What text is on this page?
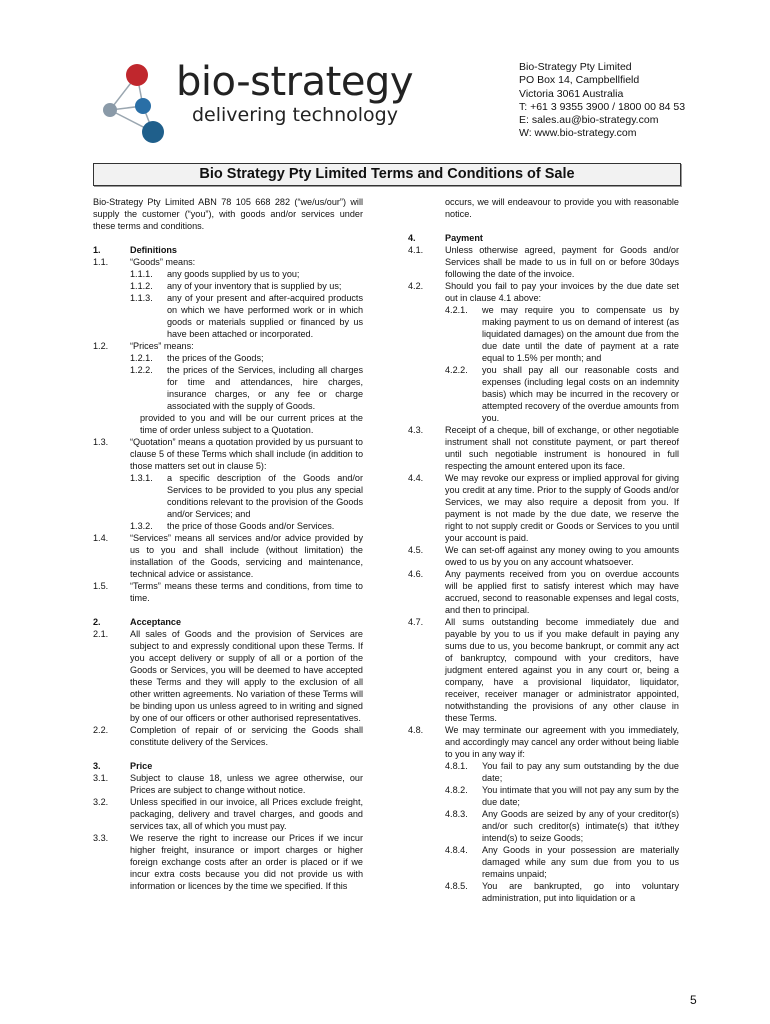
bio-strategy
delivering technology
Bio-Strategy Pty Limited
PO Box 14, Campbellfield
Victoria 3061 Australia
T: +61 3 9355 3900 / 1800 00 84 53
E: sales.au@bio-strategy.com
W: www.bio-strategy.com
Bio Strategy Pty Limited Terms and Conditions of Sale
Bio-Strategy Pty Limited ABN 78 105 668 282 (“we/us/our”) will supply the customer (“you”), with goods and/or services under these terms and conditions.
1.	Definitions
1.1.	“Goods” means:
1.1.1.	any goods supplied by us to you;
1.1.2.	any of your inventory that is supplied by us;
1.1.3.	any of your present and after-acquired products on which we have performed work or in which goods or materials supplied or financed by us have been attached or incorporated.
1.2.	“Prices” means:
1.2.1.	the prices of the Goods;
1.2.2.	the prices of the Services, including all charges for time and attendances, hire charges, insurance charges, or any fee or charge associated with the supply of Goods.
provided to you and will be our current prices at the time of order unless subject to a Quotation.
1.3.	“Quotation” means a quotation provided by us pursuant to clause 5 of these Terms which shall include (in addition to those matters set out in clause 5):
1.3.1.	a specific description of the Goods and/or Services to be provided to you plus any special conditions relevant to the provision of the Goods and/or Services; and
1.3.2.	the price of those Goods and/or Services.
1.4.	“Services” means all services and/or advice provided by us to you and shall include (without limitation) the installation of the Goods, servicing and maintenance, technical advice or assistance.
1.5.	“Terms” means these terms and conditions, from time to time.
2.	Acceptance
2.1.	All sales of Goods and the provision of Services are subject to and expressly conditional upon these Terms. If you accept delivery or supply of all or a portion of the Goods or Services, you will be deemed to have accepted these Terms and they will apply to the exclusion of all other written agreements. No variation of these Terms will be binding upon us unless agreed to in writing and signed by one of our officers or other authorised representatives.
2.2.	Completion of repair of or servicing the Goods shall constitute delivery of the Services.
3.	Price
3.1.	Subject to clause 18, unless we agree otherwise, our Prices are subject to change without notice.
3.2.	Unless specified in our invoice, all Prices exclude freight, packaging, delivery and travel charges, and goods and services tax, all of which you must pay.
3.3.	We reserve the right to increase our Prices if we incur higher freight, insurance or import charges or higher foreign exchange costs after an order is placed or if we incur extra costs because you did not provide us with information or licences by the time we specified. If this
occurs, we will endeavour to provide you with reasonable notice.
4.	Payment
4.1.	Unless otherwise agreed, payment for Goods and/or Services shall be made to us in full on or before 30days following the date of the invoice.
4.2.	Should you fail to pay your invoices by the due date set out in clause 4.1 above:
4.2.1.	we may require you to compensate us by making payment to us on demand of interest (as liquidated damages) on the amount due from the due date until the date of payment at a rate equal to 1.5% per month; and
4.2.2.	you shall pay all our reasonable costs and expenses (including legal costs on an indemnity basis) which may be incurred in the recovery or attempted recovery of the overdue amounts from you.
4.3.	Receipt of a cheque, bill of exchange, or other negotiable instrument shall not constitute payment, or part thereof until such negotiable instrument is honoured in full respecting the amount entered upon its face.
4.4.	We may revoke our express or implied approval for giving you credit at any time. Prior to the supply of Goods and/or Services, we may also require a deposit from you. If payment is not made by the due date, we reserve the right to not supply credit or Goods or Services to you until your account is paid.
4.5.	We can set-off against any money owing to you amounts owed to us by you on any account whatsoever.
4.6.	Any payments received from you on overdue accounts will be applied first to satisfy interest which may have accrued, second to reasonable expenses and legal costs, and then to principal.
4.7.	All sums outstanding become immediately due and payable by you to us if you make default in paying any sums due to us, you become bankrupt, or commit any act of bankruptcy, compound with your creditors, have judgment entered against you in any court or, being a company, have a provisional liquidator, liquidator, receiver, receiver manager or administrator appointed, notwithstanding the provisions of any other clause in these Terms.
4.8.	We may terminate our agreement with you immediately, and accordingly may cancel any order without being liable to you in any way if:
4.8.1.	You fail to pay any sum outstanding by the due date;
4.8.2.	You intimate that you will not pay any sum by the due date;
4.8.3.	Any Goods are seized by any of your creditor(s) and/or such creditor(s) intimate(s) that it/they intend(s) to seize Goods;
4.8.4.	Any Goods in your possession are materially damaged while any sum due from you to us remains unpaid;
4.8.5.	You are bankrupted, go into voluntary administration, put into liquidation or a
5
